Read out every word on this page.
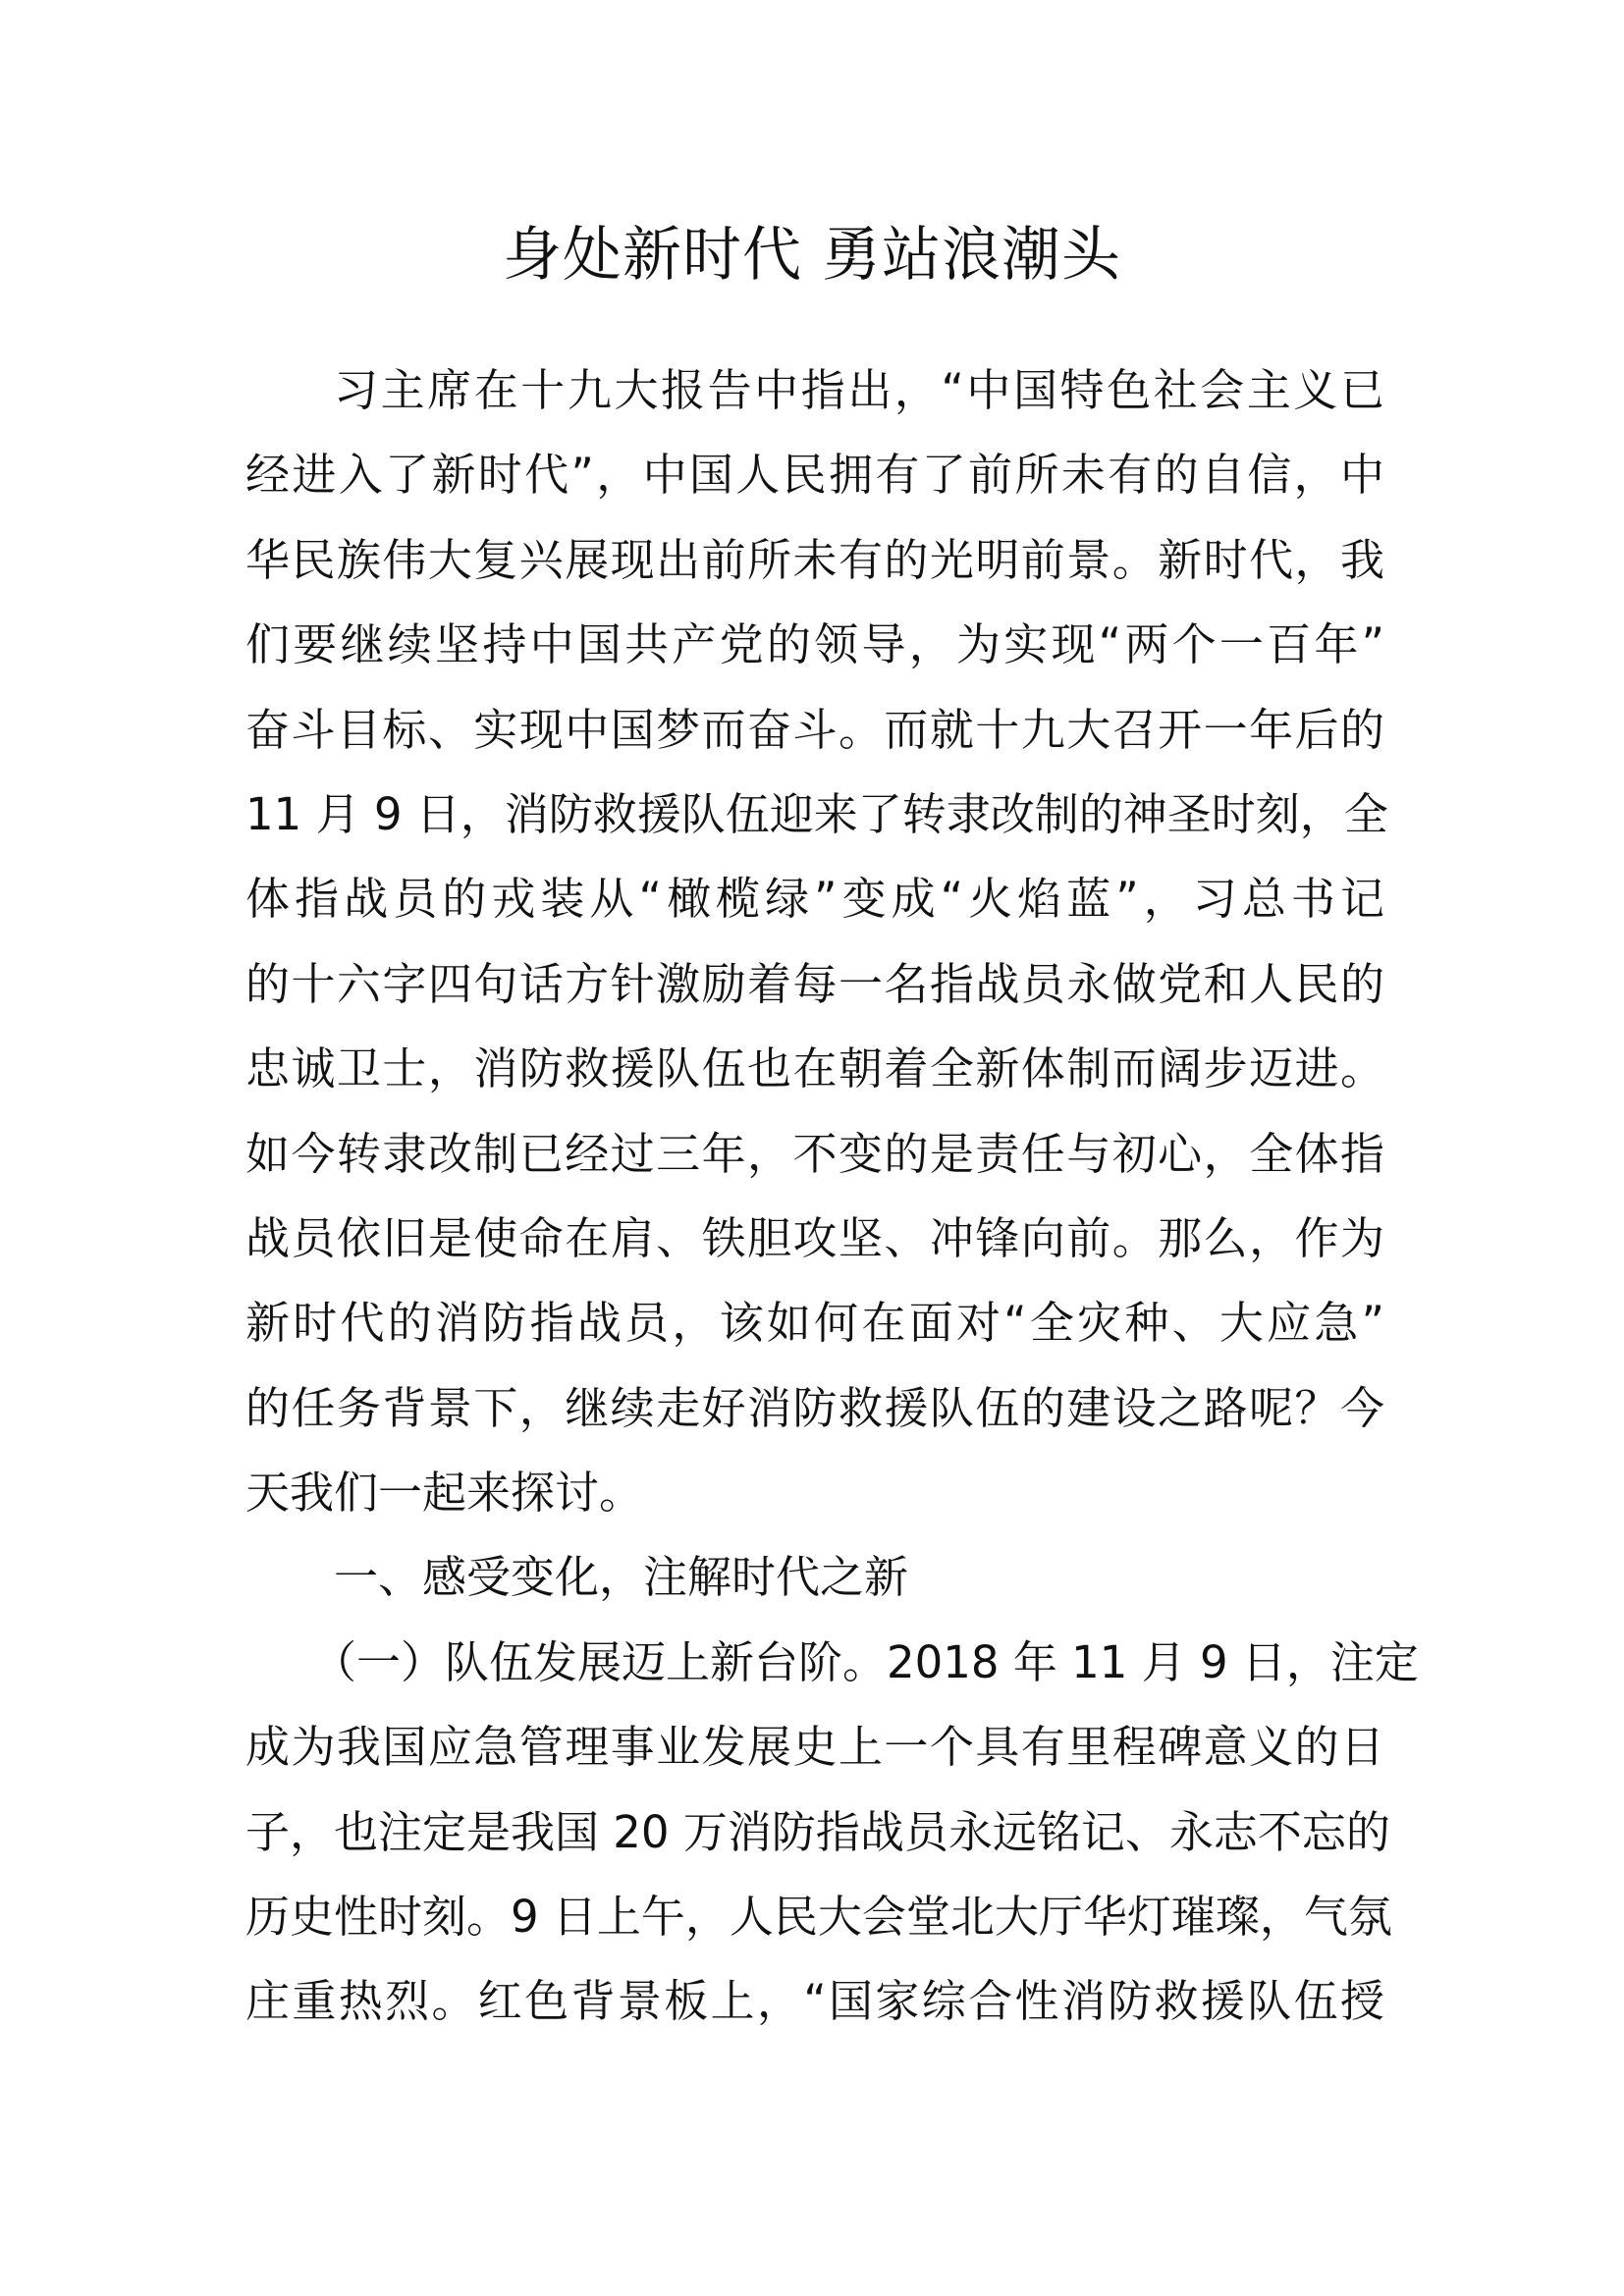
身处新时代 勇站浪潮头
习主席在十九大报告中指出，“中国特色社会主义已
经进入了新时代”，中国人民拥有了前所未有的自信，中
华民族伟大复兴展现出前所未有的光明前景。新时代，我
们要继续坚持中国共产党的领导，为实现“两个一百年”
奋斗目标、实现中国梦而奋斗。而就十九大召开一年后的
11 月 9 日，消防救援队伍迎来了转隶改制的神圣时刻，全
体指战员的戎装从“橄榄绿”变成“火焰蓝”，习总书记
的十六字四句话方针激励着每一名指战员永做党和人民的
忠诚卫士，消防救援队伍也在朝着全新体制而阔步迈进。
如今转隶改制已经过三年，不变的是责任与初心，全体指
战员依旧是使命在肩、铁胆攻坚、冲锋向前。那么，作为
新时代的消防指战员，该如何在面对“全灾种、大应急”
的任务背景下，继续走好消防救援队伍的建设之路呢？今
天我们一起来探讨。
一、感受变化，注解时代之新
（一）队伍发展迈上新台阶。2018 年 11 月 9 日，注定
成为我国应急管理事业发展史上一个具有里程碑意义的日
子，也注定是我国 20 万消防指战员永远铭记、永志不忘的
历史性时刻。9 日上午，人民大会堂北大厅华灯璀璨，气氛
庄重热烈。红色背景板上，“国家综合性消防救援队伍授
